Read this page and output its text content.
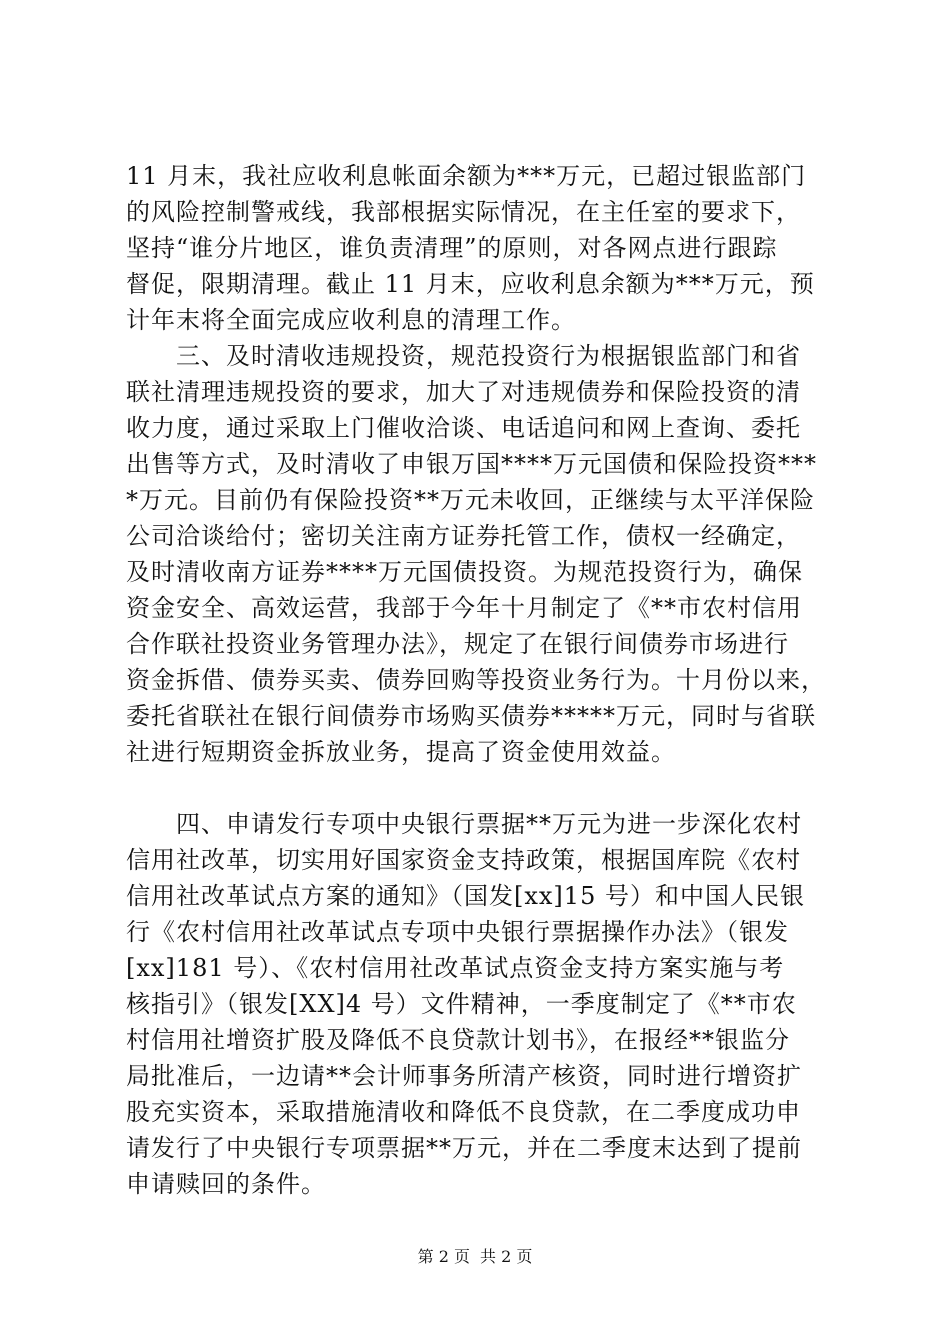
11 月末，我社应收利息帐面余额为***万元，已超过银监部门
的风险控制警戒线，我部根据实际情况，在主任室的要求下，
坚持“谁分片地区，谁负责清理”的原则，对各网点进行跟踪
督促，限期清理。截止 11 月末，应收利息余额为***万元，预
计年末将全面完成应收利息的清理工作。

　　三、及时清收违规投资，规范投资行为根据银监部门和省
联社清理违规投资的要求，加大了对违规债券和保险投资的清
收力度，通过采取上门催收洽谈、电话追问和网上查询、委托
出售等方式，及时清收了申银万国****万元国债和保险投资***
*万元。目前仍有保险投资**万元未收回，正继续与太平洋保险
公司洽谈给付；密切关注南方证券托管工作，债权一经确定，
及时清收南方证券****万元国债投资。为规范投资行为，确保
资金安全、高效运营，我部于今年十月制定了《**市农村信用
合作联社投资业务管理办法》，规定了在银行间债券市场进行
资金拆借、债券买卖、债券回购等投资业务行为。十月份以来，
委托省联社在银行间债券市场购买债券*****万元，同时与省联
社进行短期资金拆放业务，提高了资金使用效益。

　　四、申请发行专项中央银行票据**万元为进一步深化农村
信用社改革，切实用好国家资金支持政策，根据国库院《农村
信用社改革试点方案的通知》（国发[xx]15 号）和中国人民银
行《农村信用社改革试点专项中央银行票据操作办法》（银发
[xx]181 号）、《农村信用社改革试点资金支持方案实施与考
核指引》（银发[XX]4 号）文件精神，一季度制定了《**市农
村信用社增资扩股及降低不良贷款计划书》，在报经**银监分
局批准后，一边请**会计师事务所清产核资，同时进行增资扩
股充实资本，采取措施清收和降低不良贷款，在二季度成功申
请发行了中央银行专项票据**万元，并在二季度末达到了提前
申请赎回的条件。

第 2 页 共 2 页
